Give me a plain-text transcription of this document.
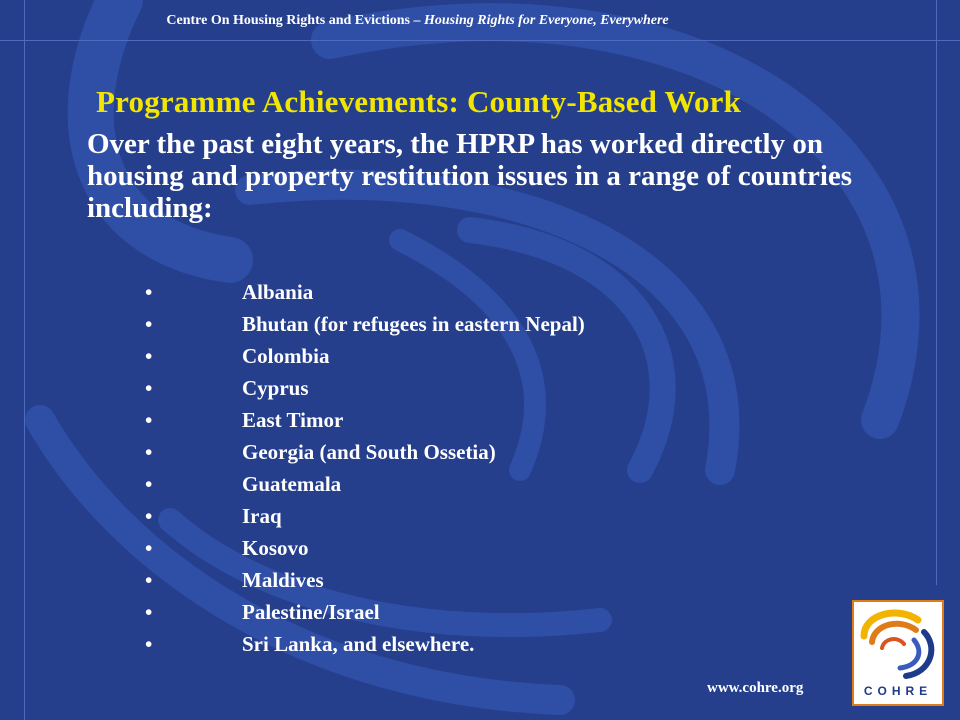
Centre On Housing Rights and Evictions – Housing Rights for Everyone, Everywhere
Programme Achievements: County-Based Work
Over the past eight years, the HPRP has worked directly on housing and property restitution issues in a range of countries including:
•	Albania
•	Bhutan (for refugees in eastern Nepal)
•	Colombia
•	Cyprus
•	East Timor
•	Georgia (and South Ossetia)
•	Guatemala
•	Iraq
•	Kosovo
•	Maldives
•	Palestine/Israel
•	Sri Lanka, and elsewhere.
www.cohre.org	COHRE
